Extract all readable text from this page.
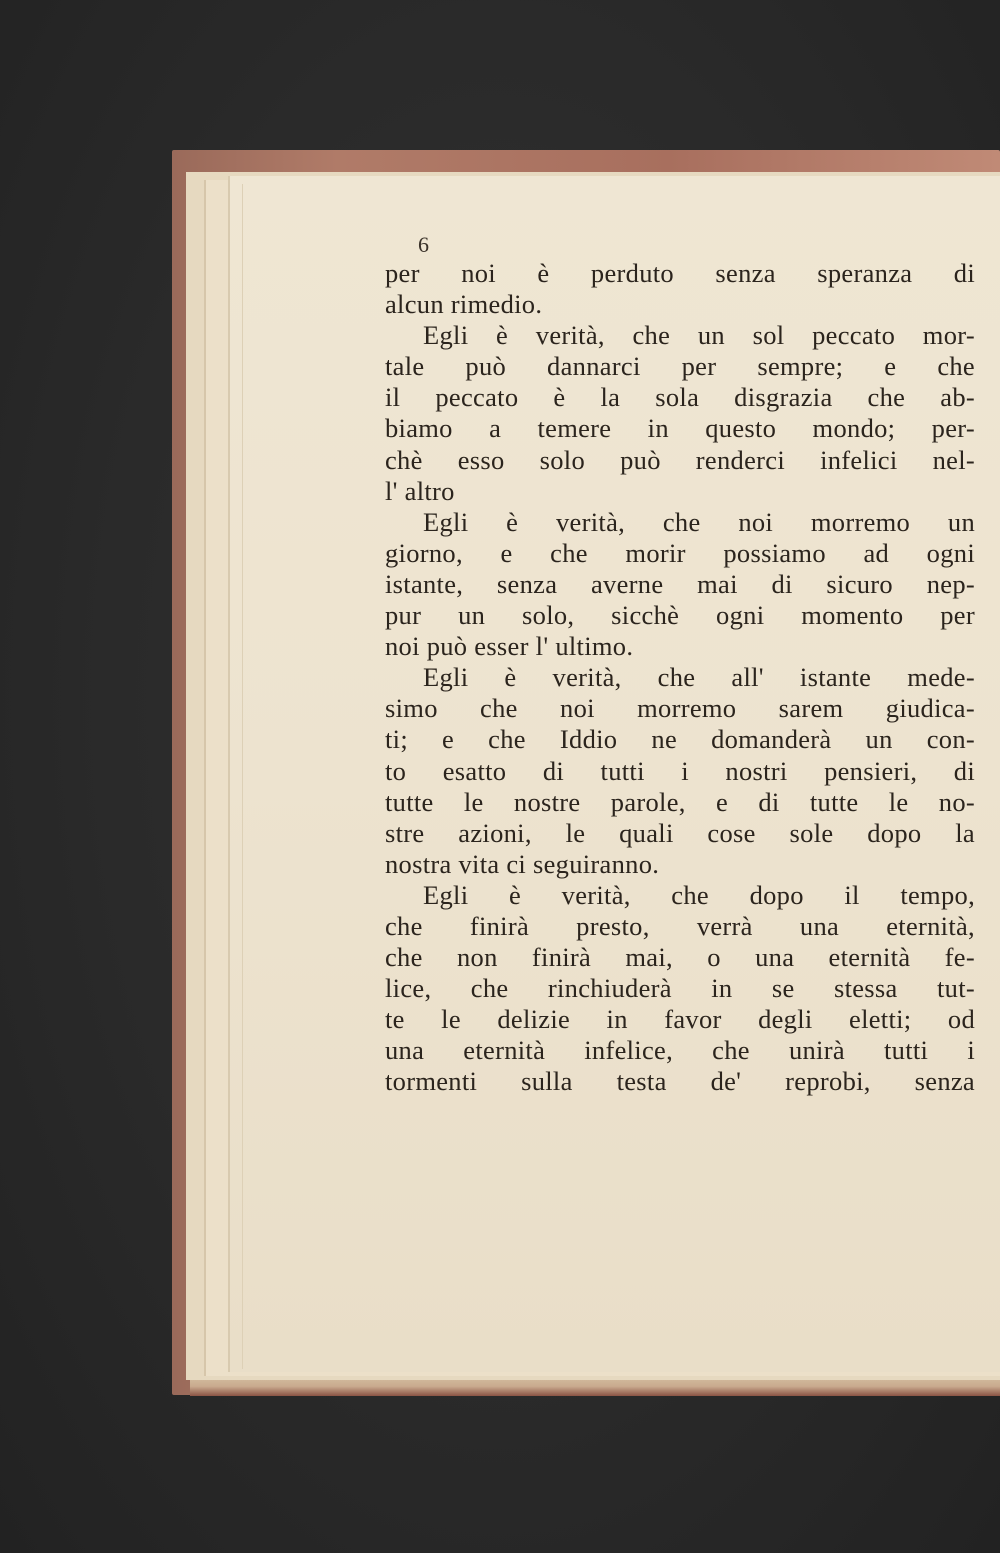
6
per noi è perduto senza speranza di
alcun rimedio.
Egli è verità, che un sol peccato mor-
tale può dannarci per sempre; e che
il peccato è la sola disgrazia che ab-
biamo a temere in questo mondo; per-
chè esso solo può renderci infelici nel-
l' altro
Egli è verità, che noi morremo un
giorno, e che morir possiamo ad ogni
istante, senza averne mai di sicuro nep-
pur un solo, sicchè ogni momento per
noi può esser l' ultimo.
Egli è verità, che all' istante mede-
simo che noi morremo sarem giudica-
ti; e che Iddio ne domanderà un con-
to esatto di tutti i nostri pensieri, di
tutte le nostre parole, e di tutte le no-
stre azioni, le quali cose sole dopo la
nostra vita ci seguiranno.
Egli è verità, che dopo il tempo,
che finirà presto, verrà una eternità,
che non finirà mai, o una eternità fe-
lice, che rinchiuderà in se stessa tut-
te le delizie in favor degli eletti; od
una eternità infelice, che unirà tutti i
tormenti sulla testa de' reprobi, senza
